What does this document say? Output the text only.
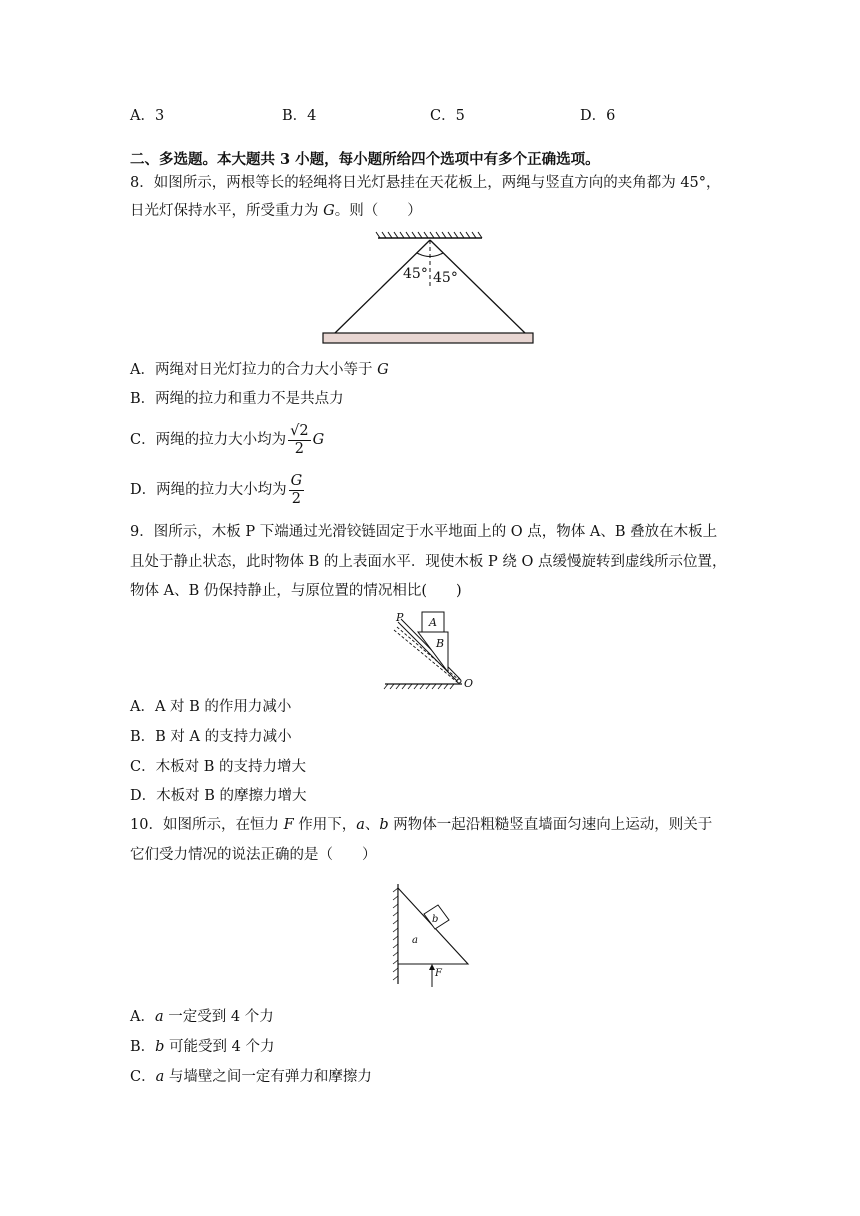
A．3	B．4	C．5	D．6
二、多选题。本大题共 3 小题，每小题所给四个选项中有多个正确选项。
8．如图所示，两根等长的轻绳将日光灯悬挂在天花板上，两绳与竖直方向的夹角都为 45°，
日光灯保持水平，所受重力为 G。则（　　）
45° 45°
A．两绳对日光灯拉力的合力大小等于 G
B．两绳的拉力和重力不是共点力
C．两绳的拉力大小均为 $\frac{√2}{2}$ G
D．两绳的拉力大小均为 $\frac{G}{2}$
9．图所示，木板 P 下端通过光滑铰链固定于水平地面上的 O 点，物体 A、B 叠放在木板上
且处于静止状态，此时物体 B 的上表面水平．现使木板 P 绕 O 点缓慢旋转到虚线所示位置，
物体 A、B 仍保持静止，与原位置的情况相比(　　)
P A
B
O
A．A 对 B 的作用力减小
B．B 对 A 的支持力减小
C．木板对 B 的支持力增大
D．木板对 B 的摩擦力增大
10．如图所示，在恒力 F 作用下，a、b 两物体一起沿粗糙竖直墙面匀速向上运动，则关于
它们受力情况的说法正确的是（　　）
b
a
F
A．a 一定受到 4 个力
B．b 可能受到 4 个力
C．a 与墙壁之间一定有弹力和摩擦力
